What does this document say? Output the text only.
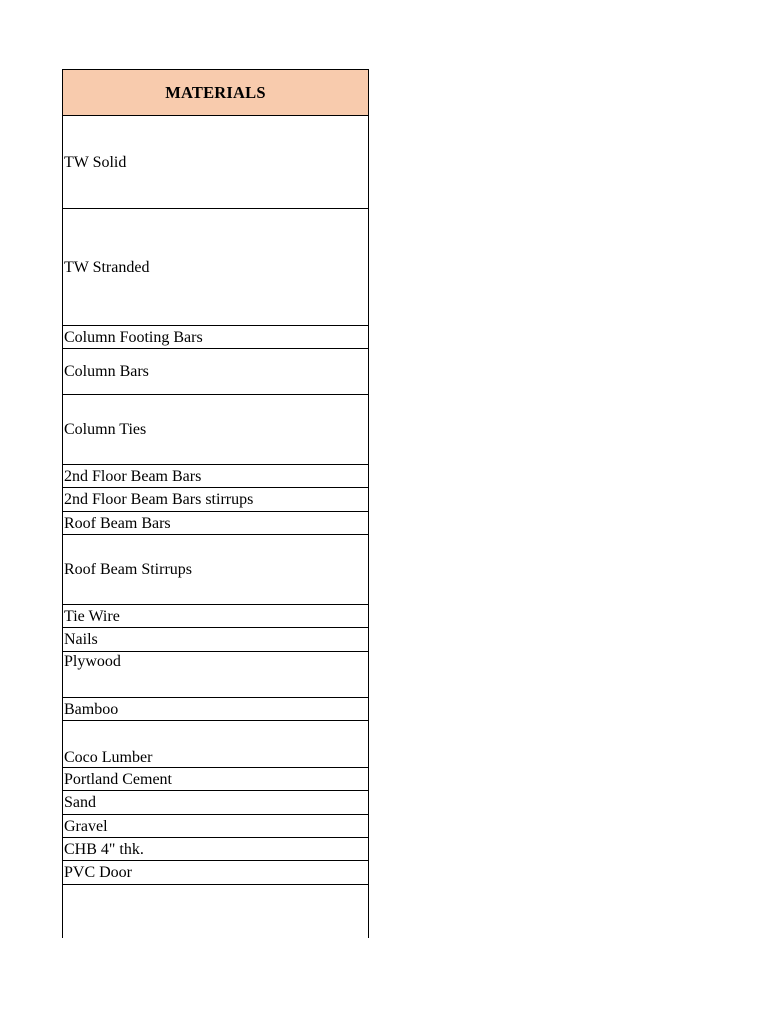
MATERIALS
TW Solid
TW Stranded
Column Footing Bars
Column Bars
Column Ties
2nd Floor Beam Bars
2nd Floor Beam Bars stirrups
Roof Beam Bars
Roof Beam Stirrups
Tie Wire
Nails
Plywood
Bamboo
Coco Lumber
Portland Cement
Sand
Gravel
CHB 4" thk.
PVC Door
